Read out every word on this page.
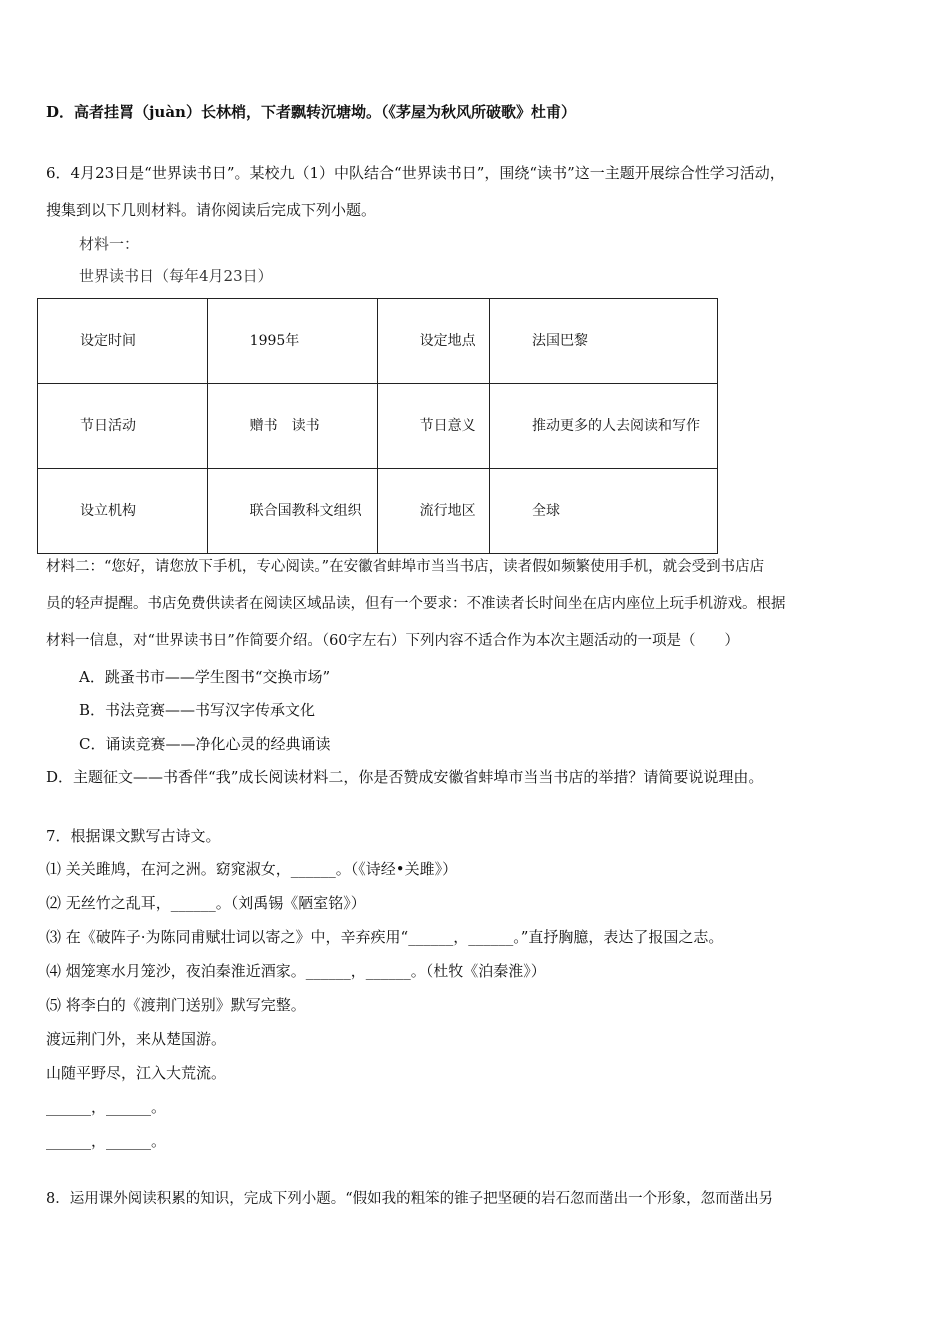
D．高者挂罥（juàn）长林梢，下者飘转沉塘坳。（《茅屋为秋风所破歌》杜甫）
6．4月23日是“世界读书日”。某校九（1）中队结合“世界读书日”，围绕“读书”这一主题开展综合性学习活动，
搜集到以下几则材料。请你阅读后完成下列小题。
材料一：
世界读书日（每年4月23日）
设定时间	1995年	设定地点	法国巴黎

节日活动	赠书　读书	节日意义	推动更多的人去阅读和写作

设立机构	联合国教科文组织	流行地区	全球
材料二：“您好，请您放下手机，专心阅读。”在安徽省蚌埠市当当书店，读者假如频繁使用手机，就会受到书店店
员的轻声提醒。书店免费供读者在阅读区域品读，但有一个要求：不准读者长时间坐在店内座位上玩手机游戏。根据
材料一信息，对“世界读书日”作简要介绍。（60字左右）下列内容不适合作为本次主题活动的一项是（　　）
A．跳蚤书市——学生图书“交换市场”
B．书法竞赛——书写汉字传承文化
C．诵读竞赛——净化心灵的经典诵读
D．主题征文——书香伴“我”成长阅读材料二，你是否赞成安徽省蚌埠市当当书店的举措？请简要说说理由。
7．根据课文默写古诗文。
⑴ 关关雎鸠，在河之洲。窈窕淑女，______。（《诗经•关雎》）
⑵ 无丝竹之乱耳，______。（刘禹锡《陋室铭》）
⑶ 在《破阵子·为陈同甫赋壮词以寄之》中，辛弃疾用“______，______。”直抒胸臆，表达了报国之志。
⑷ 烟笼寒水月笼沙，夜泊秦淮近酒家。______，______。（杜牧《泊秦淮》）
⑸ 将李白的《渡荆门送别》默写完整。
渡远荆门外，来从楚国游。
山随平野尽，江入大荒流。
______，______。
______，______。
8．运用课外阅读积累的知识，完成下列小题。“假如我的粗笨的锥子把坚硬的岩石忽而凿出一个形象，忽而凿出另
